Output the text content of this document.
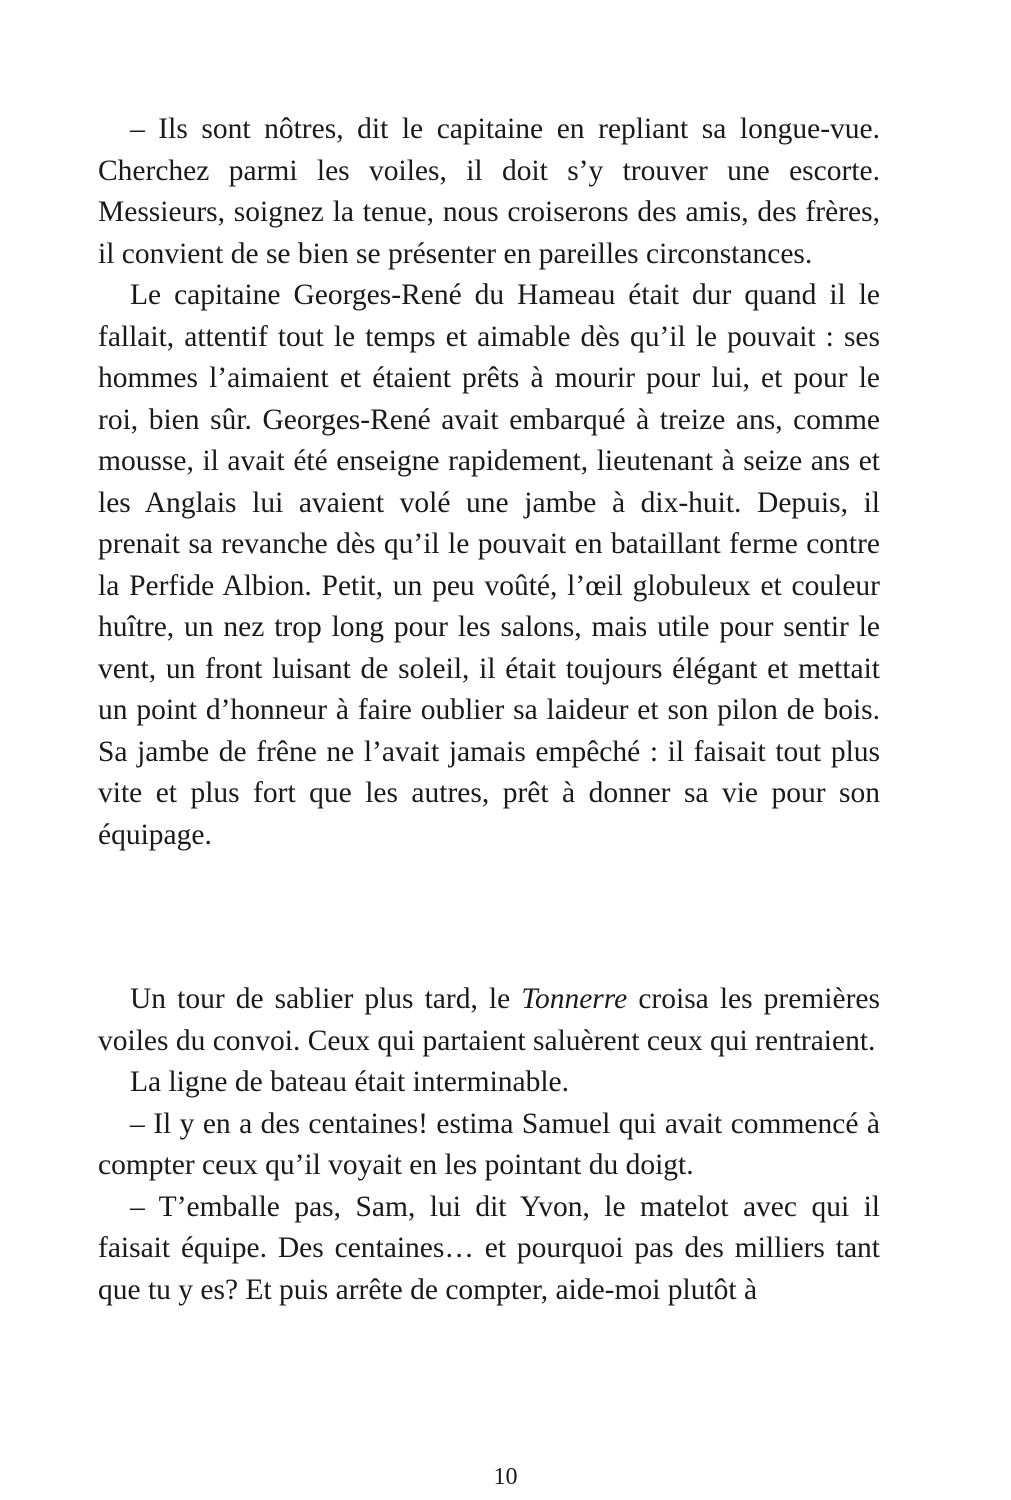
– Ils sont nôtres, dit le capitaine en repliant sa longue-vue. Cherchez parmi les voiles, il doit s’y trouver une escorte. Messieurs, soignez la tenue, nous croiserons des amis, des frères, il convient de se bien se présenter en pareilles circonstances.

Le capitaine Georges-René du Hameau était dur quand il le fallait, attentif tout le temps et aimable dès qu’il le pouvait : ses hommes l’aimaient et étaient prêts à mourir pour lui, et pour le roi, bien sûr. Georges-René avait embarqué à treize ans, comme mousse, il avait été enseigne rapidement, lieutenant à seize ans et les Anglais lui avaient volé une jambe à dix-huit. Depuis, il prenait sa revanche dès qu’il le pouvait en bataillant ferme contre la Perfide Albion. Petit, un peu voûté, l’œil globuleux et couleur huître, un nez trop long pour les salons, mais utile pour sentir le vent, un front luisant de soleil, il était toujours élégant et mettait un point d’honneur à faire oublier sa laideur et son pilon de bois. Sa jambe de frêne ne l’avait jamais empêché : il faisait tout plus vite et plus fort que les autres, prêt à donner sa vie pour son équipage.

Un tour de sablier plus tard, le Tonnerre croisa les premières voiles du convoi. Ceux qui partaient saluèrent ceux qui rentraient.

La ligne de bateau était interminable.

– Il y en a des centaines! estima Samuel qui avait commencé à compter ceux qu’il voyait en les pointant du doigt.

– T’emballe pas, Sam, lui dit Yvon, le matelot avec qui il faisait équipe. Des centaines… et pourquoi pas des milliers tant que tu y es? Et puis arrête de compter, aide-moi plutôt à

10
